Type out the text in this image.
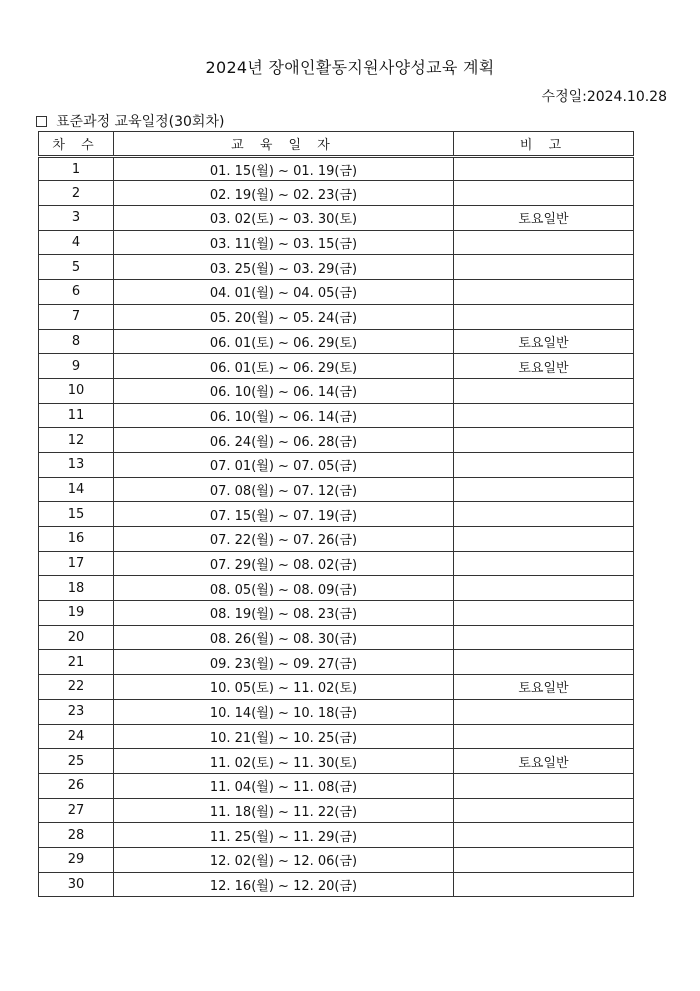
2024년 장애인활동지원사양성교육 계획
수정일:2024.10.28
표준과정 교육일정(30회차)
차 수	교 육 일 자	비 고
1	01. 15(월) ~ 01. 19(금)	
2	02. 19(월) ~ 02. 23(금)	
3	03. 02(토) ~ 03. 30(토)	토요일반
4	03. 11(월) ~ 03. 15(금)	
5	03. 25(월) ~ 03. 29(금)	
6	04. 01(월) ~ 04. 05(금)	
7	05. 20(월) ~ 05. 24(금)	
8	06. 01(토) ~ 06. 29(토)	토요일반
9	06. 01(토) ~ 06. 29(토)	토요일반
10	06. 10(월) ~ 06. 14(금)	
11	06. 10(월) ~ 06. 14(금)	
12	06. 24(월) ~ 06. 28(금)	
13	07. 01(월) ~ 07. 05(금)	
14	07. 08(월) ~ 07. 12(금)	
15	07. 15(월) ~ 07. 19(금)	
16	07. 22(월) ~ 07. 26(금)	
17	07. 29(월) ~ 08. 02(금)	
18	08. 05(월) ~ 08. 09(금)	
19	08. 19(월) ~ 08. 23(금)	
20	08. 26(월) ~ 08. 30(금)	
21	09. 23(월) ~ 09. 27(금)	
22	10. 05(토) ~ 11. 02(토)	토요일반
23	10. 14(월) ~ 10. 18(금)	
24	10. 21(월) ~ 10. 25(금)	
25	11. 02(토) ~ 11. 30(토)	토요일반
26	11. 04(월) ~ 11. 08(금)	
27	11. 18(월) ~ 11. 22(금)	
28	11. 25(월) ~ 11. 29(금)	
29	12. 02(월) ~ 12. 06(금)	
30	12. 16(월) ~ 12. 20(금)	
